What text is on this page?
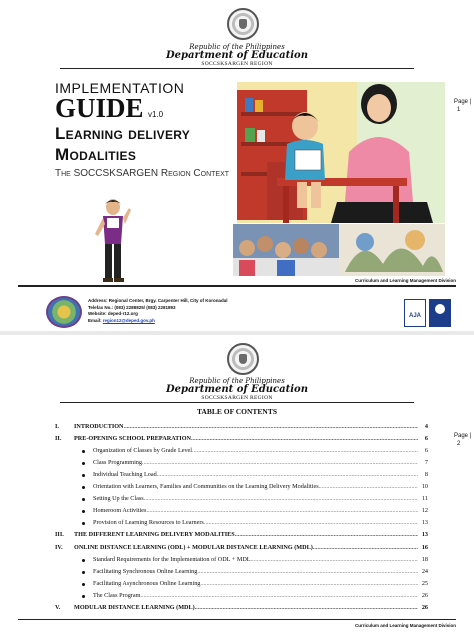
Republic of the Philippines
Department of Education
SOCCSKSARGEN REGION
Page |
1
IMPLEMENTATION
GUIDE v1.0
Learning delivery
Modalities
The SOCCSKSARGEN Region Context
Curriculum and Learning Management Division
Address: Regional Center, Brgy. Carpenter Hill, City of Koronadal
Telefax No.: (083) 2288825/ (083) 2281893
Website: deped-r12.org
Email: region12@deped.gov.ph
AJA
Republic of the Philippines
Department of Education
SOCCSKSARGEN REGION
TABLE OF CONTENTS
Page |
2
I. INTRODUCTION .....	4
II. PRE-OPENING SCHOOL PREPARATION .....	6
Organization of Classes by Grade Level .....	6
Class Programming .....	7
Individual Teaching Load .....	8
Orientation with Learners, Families and Communities on the Learning Delivery Modalities .....	10
Setting Up the Class .....	11
Homeroom Activities .....	12
Provision of Learning Resources to Learners .....	13
III. THE DIFFERENT LEARNING DELIVERY MODALITIES .....	13
IV. ONLINE DISTANCE LEARNING (ODL) + MODULAR DISTANCE LEARNING (MDL) .....	16
Standard Requirements for the Implementation of ODL + MDL .....	18
Facilitating Synchronous Online Learning .....	24
Facilitating Asynchronous Online Learning .....	25
The Class Program .....	26
V. MODULAR DISTANCE LEARNING (MDL) .....	26
Curriculum and Learning Management Division
